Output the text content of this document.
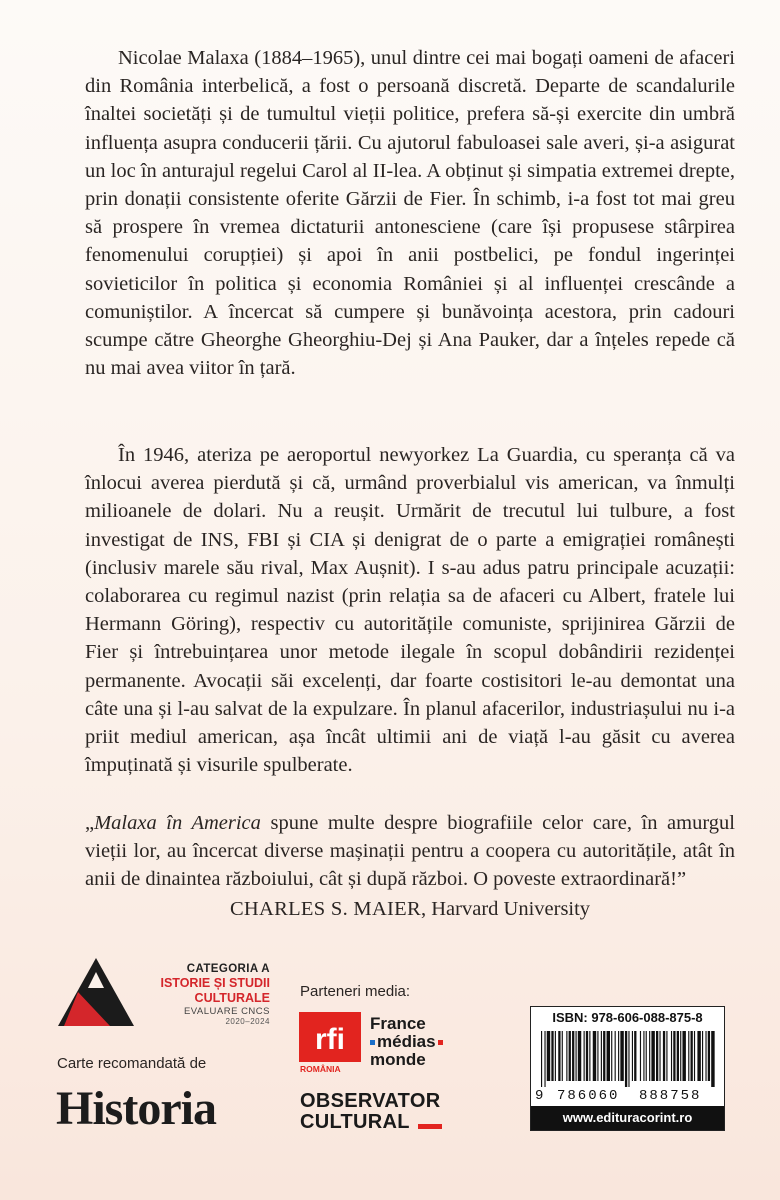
Nicolae Malaxa (1884–1965), unul dintre cei mai bogați oameni de afaceri din România interbelică, a fost o persoană discretă. Departe de scandalurile înaltei societăți și de tumultul vieții politice, prefera să-și exercite din umbră influența asupra conducerii țării. Cu ajutorul fabuloasei sale averi, și-a asigurat un loc în anturajul regelui Carol al II-lea. A obținut și simpatia extremei drepte, prin donații consistente oferite Gărzii de Fier. În schimb, i-a fost tot mai greu să prospere în vremea dictaturii antonesciene (care își propusese stârpirea fenomenului corupției) și apoi în anii postbelici, pe fondul ingerinței sovieticilor în politica și economia României și al influenței crescânde a comuniștilor. A încercat să cumpere și bunăvoința acestora, prin cadouri scumpe către Gheorghe Gheorghiu-Dej și Ana Pauker, dar a înțeles repede că nu mai avea viitor în țară.

În 1946, ateriza pe aeroportul newyorkez La Guardia, cu speranța că va înlocui averea pierdută și că, urmând proverbialul vis american, va înmulți milioanele de dolari. Nu a reușit. Urmărit de trecutul lui tulbure, a fost investigat de INS, FBI și CIA și denigrat de o parte a emigrației românești (inclusiv marele său rival, Max Aușnit). I s-au adus patru principale acuzații: colaborarea cu regimul nazist (prin relația sa de afaceri cu Albert, fratele lui Hermann Göring), respectiv cu autoritățile comuniste, sprijinirea Gărzii de Fier și întrebuințarea unor metode ilegale în scopul dobândirii rezidenței permanente. Avocații săi excelenți, dar foarte costisitori le-au demontat una câte una și l-au salvat de la expulzare. În planul afacerilor, industriașului nu i-a priit mediul american, așa încât ultimii ani de viață l-au găsit cu averea împuținată și visurile spulberate.

„Malaxa în America spune multe despre biografiile celor care, în amurgul vieții lor, au încercat diverse mașinații pentru a coopera cu autoritățile, atât în anii de dinaintea războiului, cât și după război. O poveste extraordinară!”

CHARLES S. MAIER, Harvard University

CATEGORIA A
ISTORIE ȘI STUDII
CULTURALE
EVALUARE CNCS
2020–2024
Carte recomandată de
Historia
Parteneri media:
rfi
ROMÂNIA
France
médias
monde
OBSERVATOR
CULTURAL
ISBN: 978-606-088-875-8
9 786060 888758
www.edituracorint.ro
